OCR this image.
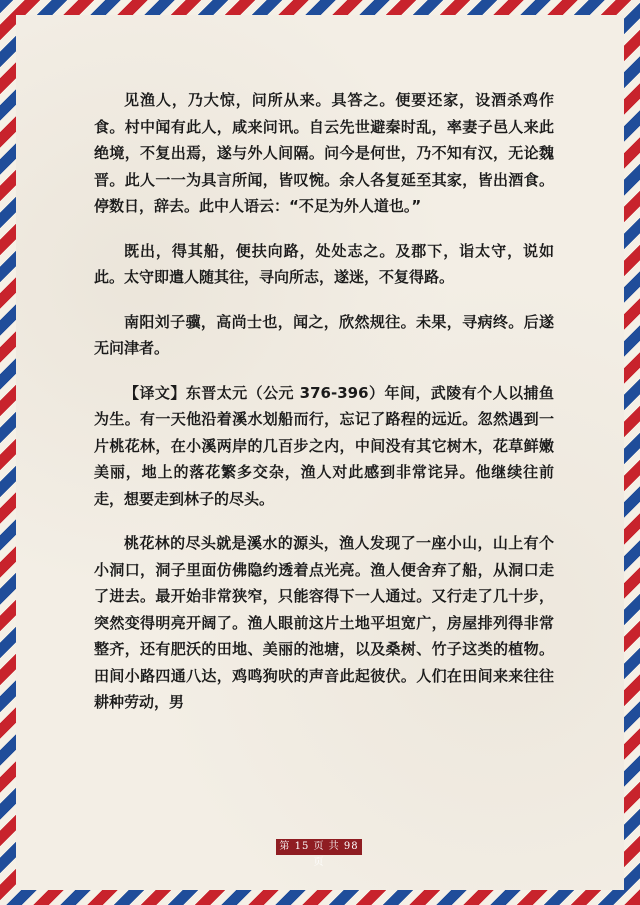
见渔人，乃大惊，问所从来。具答之。便要还家，设酒杀鸡作食。村中闻有此人，咸来问讯。自云先世避秦时乱，率妻子邑人来此绝境，不复出焉，遂与外人间隔。问今是何世，乃不知有汉，无论魏晋。此人一一为具言所闻，皆叹惋。余人各复延至其家，皆出酒食。停数日，辞去。此中人语云：“不足为外人道也。”

既出，得其船，便扶向路，处处志之。及郡下，诣太守，说如此。太守即遣人随其往，寻向所志，遂迷，不复得路。

南阳刘子骥，高尚士也，闻之，欣然规往。未果，寻病终。后遂无问津者。

【译文】东晋太元（公元 376-396）年间，武陵有个人以捕鱼为生。有一天他沿着溪水划船而行，忘记了路程的远近。忽然遇到一片桃花林，在小溪两岸的几百步之内，中间没有其它树木，花草鲜嫩美丽，地上的落花繁多交杂，渔人对此感到非常诧异。他继续往前走，想要走到林子的尽头。

桃花林的尽头就是溪水的源头，渔人发现了一座小山，山上有个小洞口，洞子里面仿佛隐约透着点光亮。渔人便舍弃了船，从洞口走了进去。最开始非常狭窄，只能容得下一人通过。又行走了几十步，突然变得明亮开阔了。渔人眼前这片土地平坦宽广，房屋排列得非常整齐，还有肥沃的田地、美丽的池塘，以及桑树、竹子这类的植物。田间小路四通八达，鸡鸣狗吠的声音此起彼伏。人们在田间来来往往耕种劳动，男

第 15 页 共 98 页
